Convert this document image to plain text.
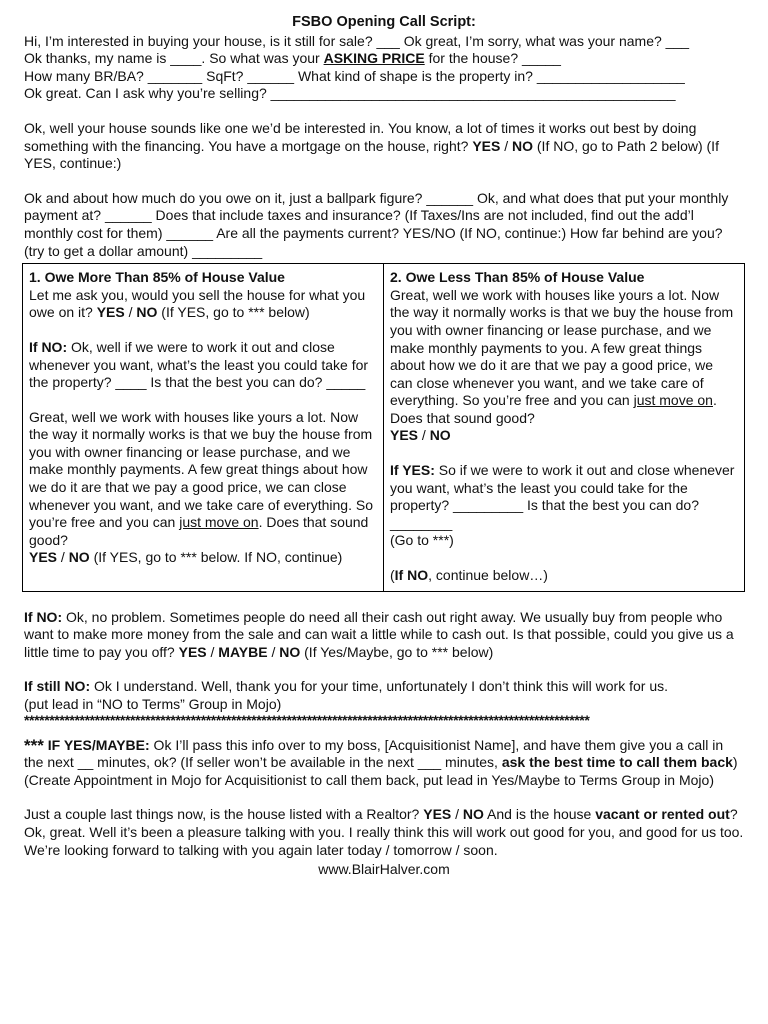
FSBO Opening Call Script:

Hi, I’m interested in buying your house, is it still for sale? ___ Ok great, I’m sorry, what was your name? ___

Ok thanks, my name is ____. So what was your ASKING PRICE for the house? _____

How many BR/BA? _______ SqFt? ______ What kind of shape is the property in? ___________________

Ok great. Can I ask why you’re selling? ____________________________________________________

Ok, well your house sounds like one we’d be interested in. You know, a lot of times it works out best by doing something with the financing. You have a mortgage on the house, right? YES / NO (If NO, go to Path 2 below) (If YES, continue:)

Ok and about how much do you owe on it, just a ballpark figure? ______ Ok, and what does that put your monthly payment at? ______ Does that include taxes and insurance? (If Taxes/Ins are not included, find out the add’l monthly cost for them) ______ Are all the payments current? YES/NO (If NO, continue:) How far behind are you? (try to get a dollar amount) _________

1. Owe More Than 85% of House Value

Let me ask you, would you sell the house for what you owe on it? YES / NO (If YES, go to *** below)

If NO: Ok, well if we were to work it out and close whenever you want, what’s the least you could take for the property? ____ Is that the best you can do? _____

Great, well we work with houses like yours a lot. Now the way it normally works is that we buy the house from you with owner financing or lease purchase, and we make monthly payments. A few great things about how we do it are that we pay a good price, we can close whenever you want, and we take care of everything. So you’re free and you can just move on. Does that sound good?

YES / NO (If YES, go to *** below. If NO, continue)

2. Owe Less Than 85% of House Value

Great, well we work with houses like yours a lot. Now the way it normally works is that we buy the house from you with owner financing or lease purchase, and we make monthly payments to you. A few great things about how we do it are that we pay a good price, we can close whenever you want, and we take care of everything. So you’re free and you can just move on. Does that sound good?

YES / NO

If YES: So if we were to work it out and close whenever you want, what’s the least you could take for the property? _________ Is that the best you can do? ________

(Go to ***)

(If NO, continue below…)

If NO: Ok, no problem. Sometimes people do need all their cash out right away. We usually buy from people who want to make more money from the sale and can wait a little while to cash out. Is that possible, could you give us a little time to pay you off? YES / MAYBE / NO (If Yes/Maybe, go to *** below)

If still NO: Ok I understand. Well, thank you for your time, unfortunately I don’t think this will work for us.

(put lead in “NO to Terms” Group in Mojo)

****************************************************************************************************************

*** IF YES/MAYBE: Ok I’ll pass this info over to my boss, [Acquisitionist Name], and have them give you a call in the next __ minutes, ok? (If seller won’t be available in the next ___ minutes, ask the best time to call them back) (Create Appointment in Mojo for Acquisitionist to call them back, put lead in Yes/Maybe to Terms Group in Mojo)

Just a couple last things now, is the house listed with a Realtor? YES / NO And is the house vacant or rented out?

Ok, great. Well it’s been a pleasure talking with you. I really think this will work out good for you, and good for us too. We’re looking forward to talking with you again later today / tomorrow / soon.

www.BlairHalver.com
